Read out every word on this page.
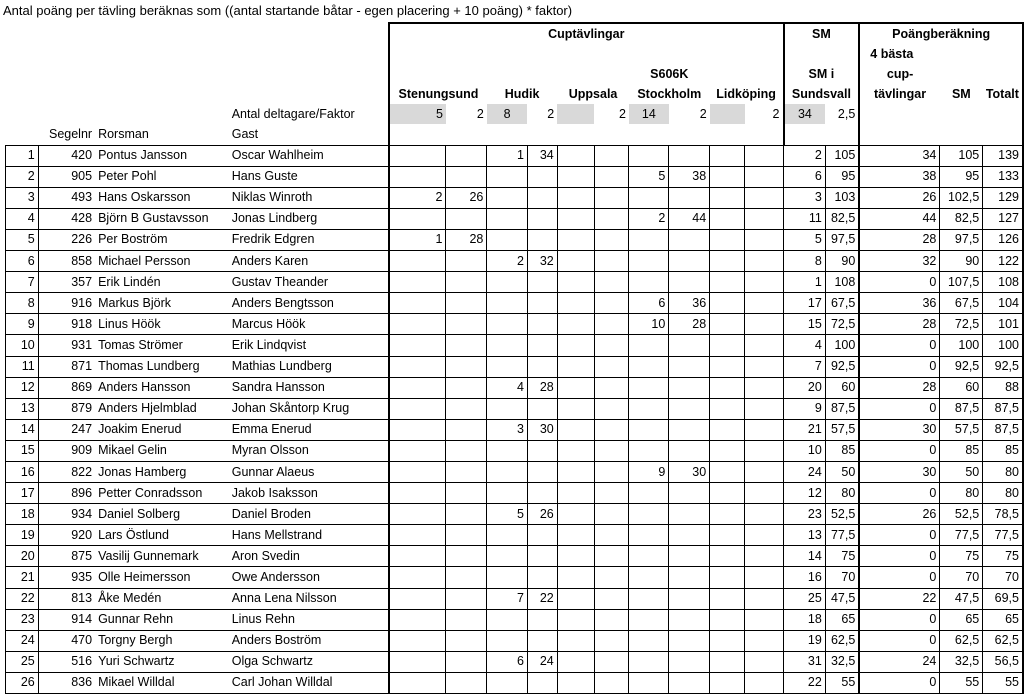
Antal poäng per tävling beräknas som ((antal startande båtar - egen placering + 10 poäng) * faktor)
				Cuptävlingar										SM		Poängberäkning		
																4 bästa		
										S606K				SM i		cup-		
				Stenungsund		Hudik		Uppsala		Stockholm		Lidköping		Sundsvall		tävlingar	SM	Totalt
			Antal deltagare/Faktor	5	2	8	2		2	14	2		2	34	2,5			
	Segelnr	Rorsman	Gast															
1	420	Pontus Jansson	Oscar Wahlheim			1	34							2	105	34	105	139
2	905	Peter Pohl	Hans Guste							5	38			6	95	38	95	133
3	493	Hans Oskarsson	Niklas Winroth	2	26									3	103	26	102,5	129
4	428	Björn B Gustavsson	Jonas Lindberg							2	44			11	82,5	44	82,5	127
5	226	Per Boström	Fredrik Edgren	1	28									5	97,5	28	97,5	126
6	858	Michael Persson	Anders Karen			2	32							8	90	32	90	122
7	357	Erik Lindén	Gustav Theander											1	108	0	107,5	108
8	916	Markus Björk	Anders Bengtsson							6	36			17	67,5	36	67,5	104
9	918	Linus Höök	Marcus Höök							10	28			15	72,5	28	72,5	101
10	931	Tomas Strömer	Erik Lindqvist											4	100	0	100	100
11	871	Thomas Lundberg	Mathias Lundberg											7	92,5	0	92,5	92,5
12	869	Anders Hansson	Sandra Hansson			4	28							20	60	28	60	88
13	879	Anders Hjelmblad	Johan Skåntorp Krug											9	87,5	0	87,5	87,5
14	247	Joakim Enerud	Emma Enerud			3	30							21	57,5	30	57,5	87,5
15	909	Mikael Gelin	Myran Olsson											10	85	0	85	85
16	822	Jonas Hamberg	Gunnar Alaeus							9	30			24	50	30	50	80
17	896	Petter Conradsson	Jakob Isaksson											12	80	0	80	80
18	934	Daniel Solberg	Daniel Broden			5	26							23	52,5	26	52,5	78,5
19	920	Lars Östlund	Hans Mellstrand											13	77,5	0	77,5	77,5
20	875	Vasilij Gunnemark	Aron Svedin											14	75	0	75	75
21	935	Olle Heimersson	Owe Andersson											16	70	0	70	70
22	813	Åke Medén	Anna Lena Nilsson			7	22							25	47,5	22	47,5	69,5
23	914	Gunnar Rehn	Linus Rehn											18	65	0	65	65
24	470	Torgny Bergh	Anders Boström											19	62,5	0	62,5	62,5
25	516	Yuri Schwartz	Olga Schwartz			6	24							31	32,5	24	32,5	56,5
26	836	Mikael Willdal	Carl Johan Willdal											22	55	0	55	55
